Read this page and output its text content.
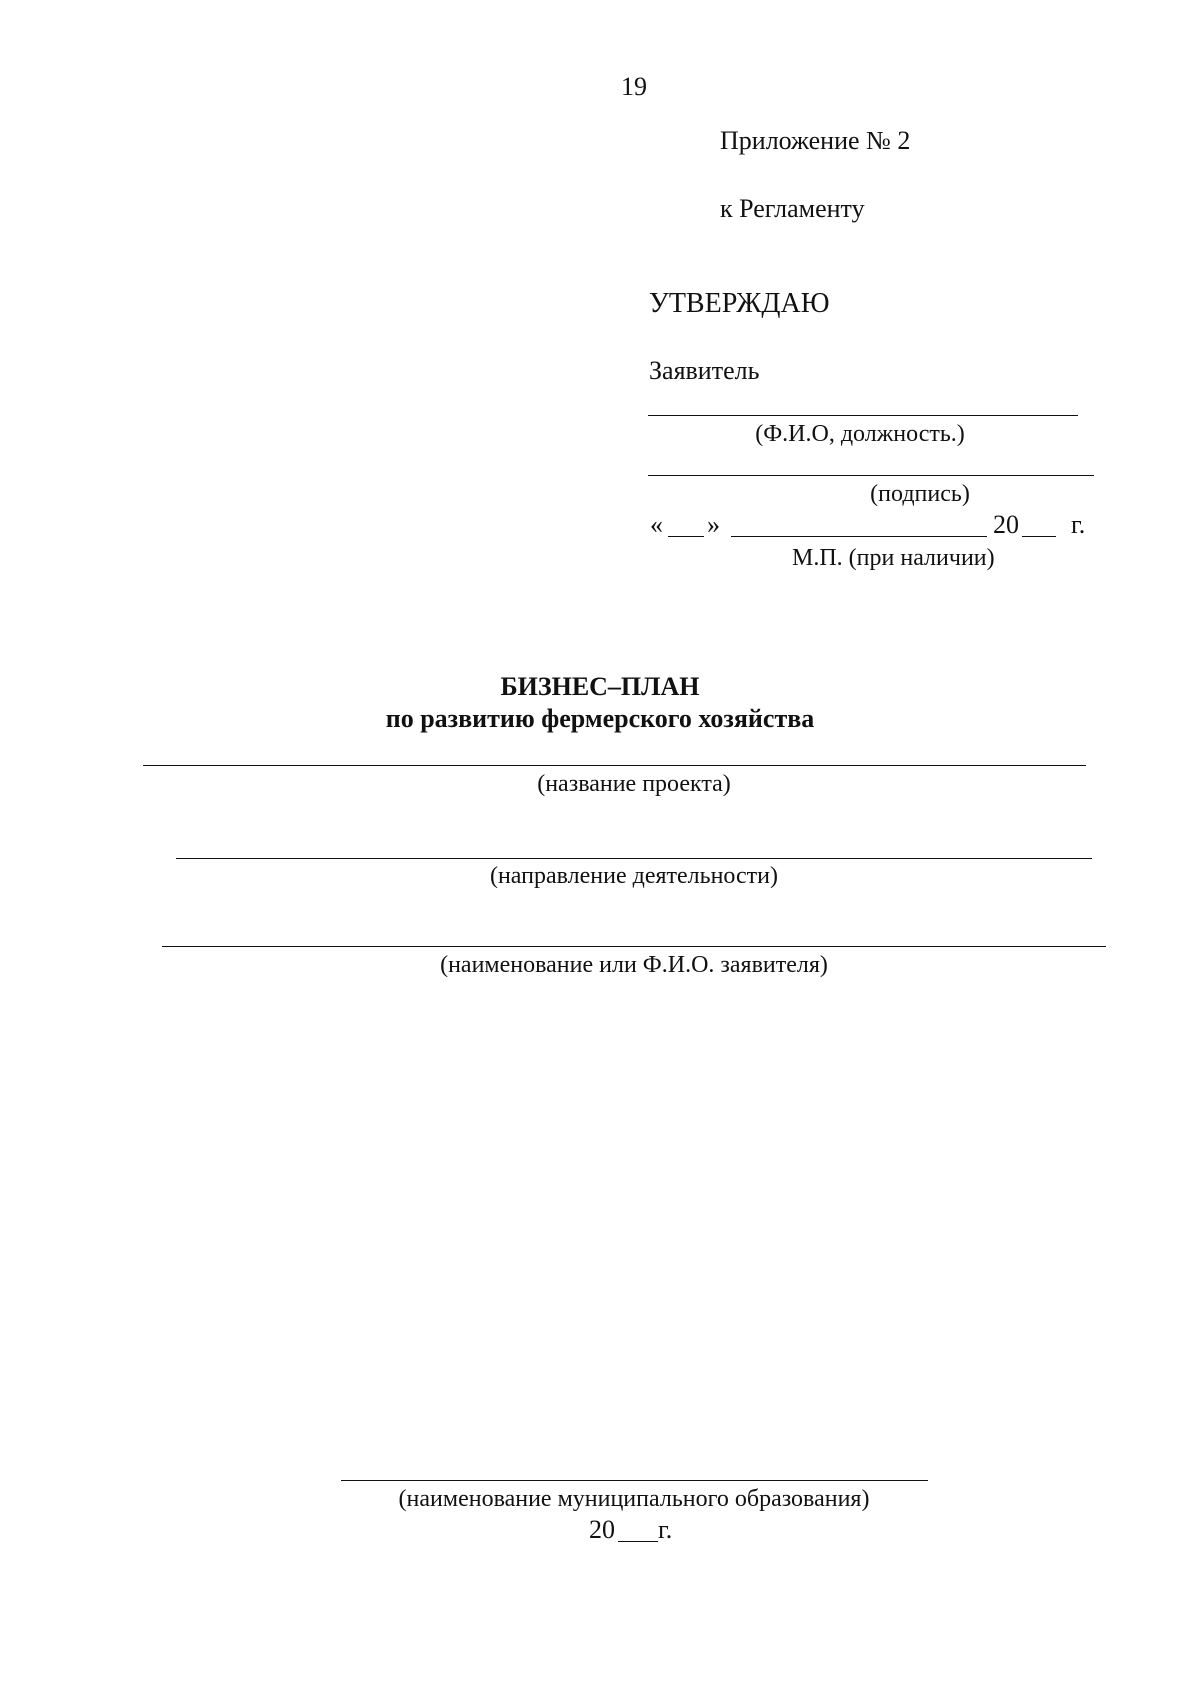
19
Приложение № 2
к Регламенту
УТВЕРЖДАЮ
Заявитель
(Ф.И.О, должность.)
(подпись)
« »	20 г.
М.П. (при наличии)
БИЗНЕС–ПЛАН
по развитию фермерского хозяйства
(название проекта)
(направление деятельности)
(наименование или Ф.И.О. заявителя)
(наименование муниципального образования)
20 г.
